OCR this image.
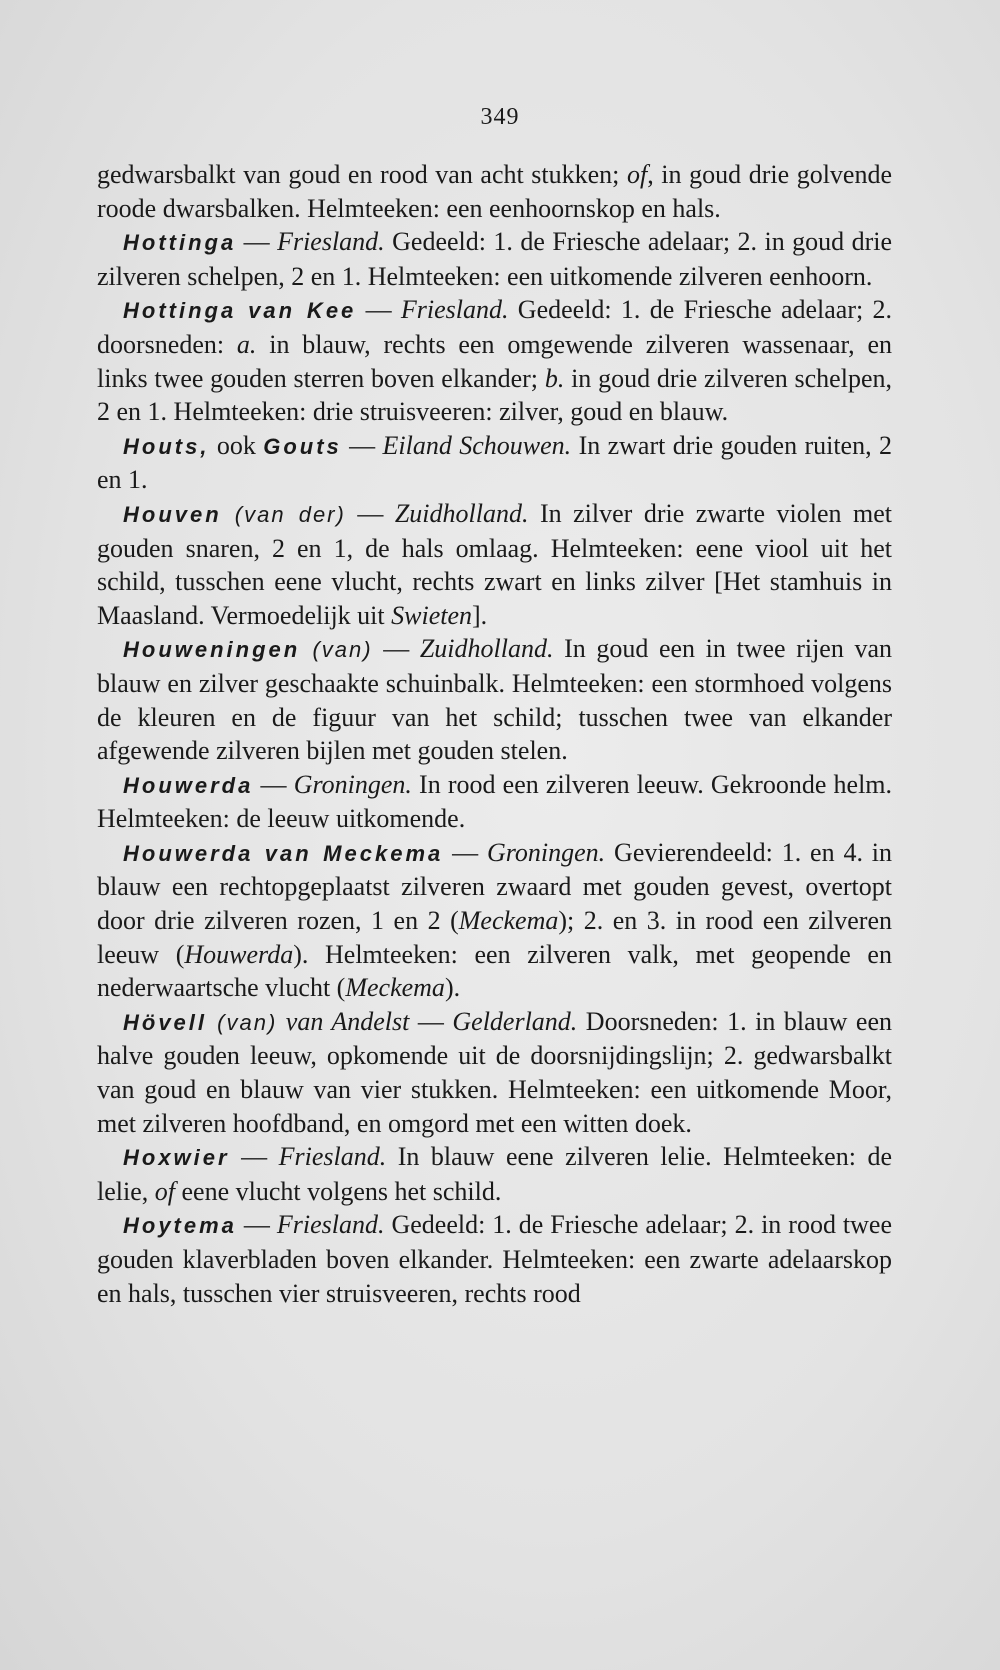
349

gedwarsbalkt van goud en rood van acht stukken; of, in goud drie golvende roode dwarsbalken. Helmteeken: een eenhoornskop en hals.

Hottinga — Friesland. Gedeeld: 1. de Friesche adelaar; 2. in goud drie zilveren schelpen, 2 en 1. Helmteeken: een uitkomende zilveren eenhoorn.

Hottinga van Kee — Friesland. Gedeeld: 1. de Friesche adelaar; 2. doorsneden: a. in blauw, rechts een omgewende zilveren wassenaar, en links twee gouden sterren boven elkander; b. in goud drie zilveren schelpen, 2 en 1. Helmteeken: drie struisveeren: zilver, goud en blauw.

Houts, ook Gouts — Eiland Schouwen. In zwart drie gouden ruiten, 2 en 1.

Houven (van der) — Zuidholland. In zilver drie zwarte violen met gouden snaren, 2 en 1, de hals omlaag. Helmteeken: eene viool uit het schild, tusschen eene vlucht, rechts zwart en links zilver [Het stamhuis in Maasland. Vermoedelijk uit Swieten].

Houweningen (van) — Zuidholland. In goud een in twee rijen van blauw en zilver geschaakte schuinbalk. Helmteeken: een stormhoed volgens de kleuren en de figuur van het schild; tusschen twee van elkander afgewende zilveren bijlen met gouden stelen.

Houwerda — Groningen. In rood een zilveren leeuw. Gekroonde helm. Helmteeken: de leeuw uitkomende.

Houwerda van Meckema — Groningen. Gevierendeeld: 1. en 4. in blauw een rechtopgeplaatst zilveren zwaard met gouden gevest, overtopt door drie zilveren rozen, 1 en 2 (Meckema); 2. en 3. in rood een zilveren leeuw (Houwerda). Helmteeken: een zilveren valk, met geopende en nederwaartsche vlucht (Meckema).

Hövell (van) van Andelst — Gelderland. Doorsneden: 1. in blauw een halve gouden leeuw, opkomende uit de doorsnijdingslijn; 2. gedwarsbalkt van goud en blauw van vier stukken. Helmteeken: een uitkomende Moor, met zilveren hoofdband, en omgord met een witten doek.

Hoxwier — Friesland. In blauw eene zilveren lelie. Helmteeken: de lelie, of eene vlucht volgens het schild.

Hoytema — Friesland. Gedeeld: 1. de Friesche adelaar; 2. in rood twee gouden klaverbladen boven elkander. Helmteeken: een zwarte adelaarskop en hals, tusschen vier struisveeren, rechts rood
